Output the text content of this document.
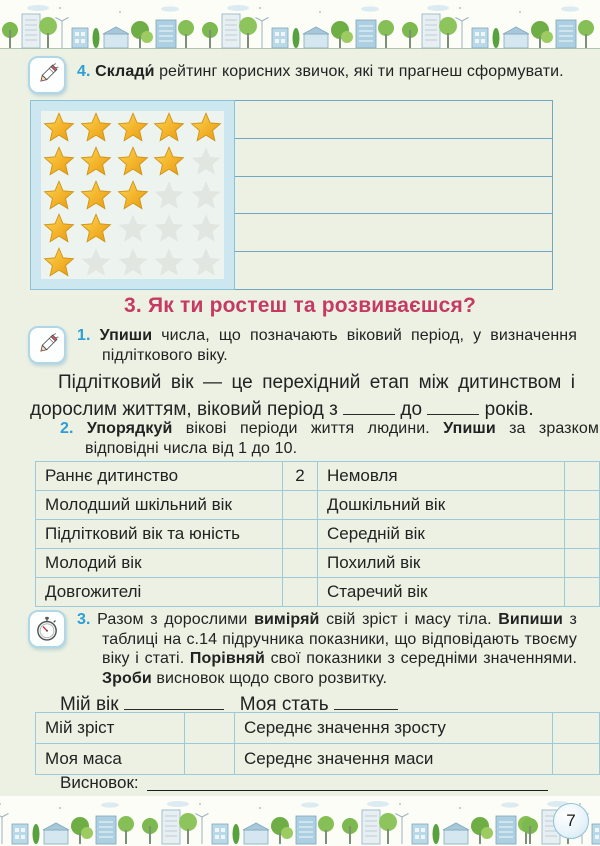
4. Склади́ рейтинг корисних звичок, які ти прагнеш сформувати.

3. Як ти ростеш та розвиваєшся?

1. Упиши числа, що позначають віковий період, у визначення підліткового віку.

Підлітковий вік — це перехідний етап між дитинством і дорослим життям, віковий період з	до	років.

2. Упорядкуй вікові періоди життя людини. Упиши за зразком відповідні числа від 1 до 10.

Раннє дитинство	2	Немовля	
Молодший шкільний вік		Дошкільний вік	
Підлітковий вік та юність		Середній вік	
Молодий вік		Похилий вік	
Довгожителі		Старечий вік	

3. Разом з дорослими виміряй свій зріст і масу тіла. Випиши з таблиці на с.14 підручника показники, що відповідають твоєму віку і статі. Порівняй свої показники з середніми значеннями. Зроби висновок щодо свого розвитку.

Мій вік	Моя стать

Мій зріст		Середнє значення зросту	
Моя маса		Середнє значення маси	
Висновок:
7
